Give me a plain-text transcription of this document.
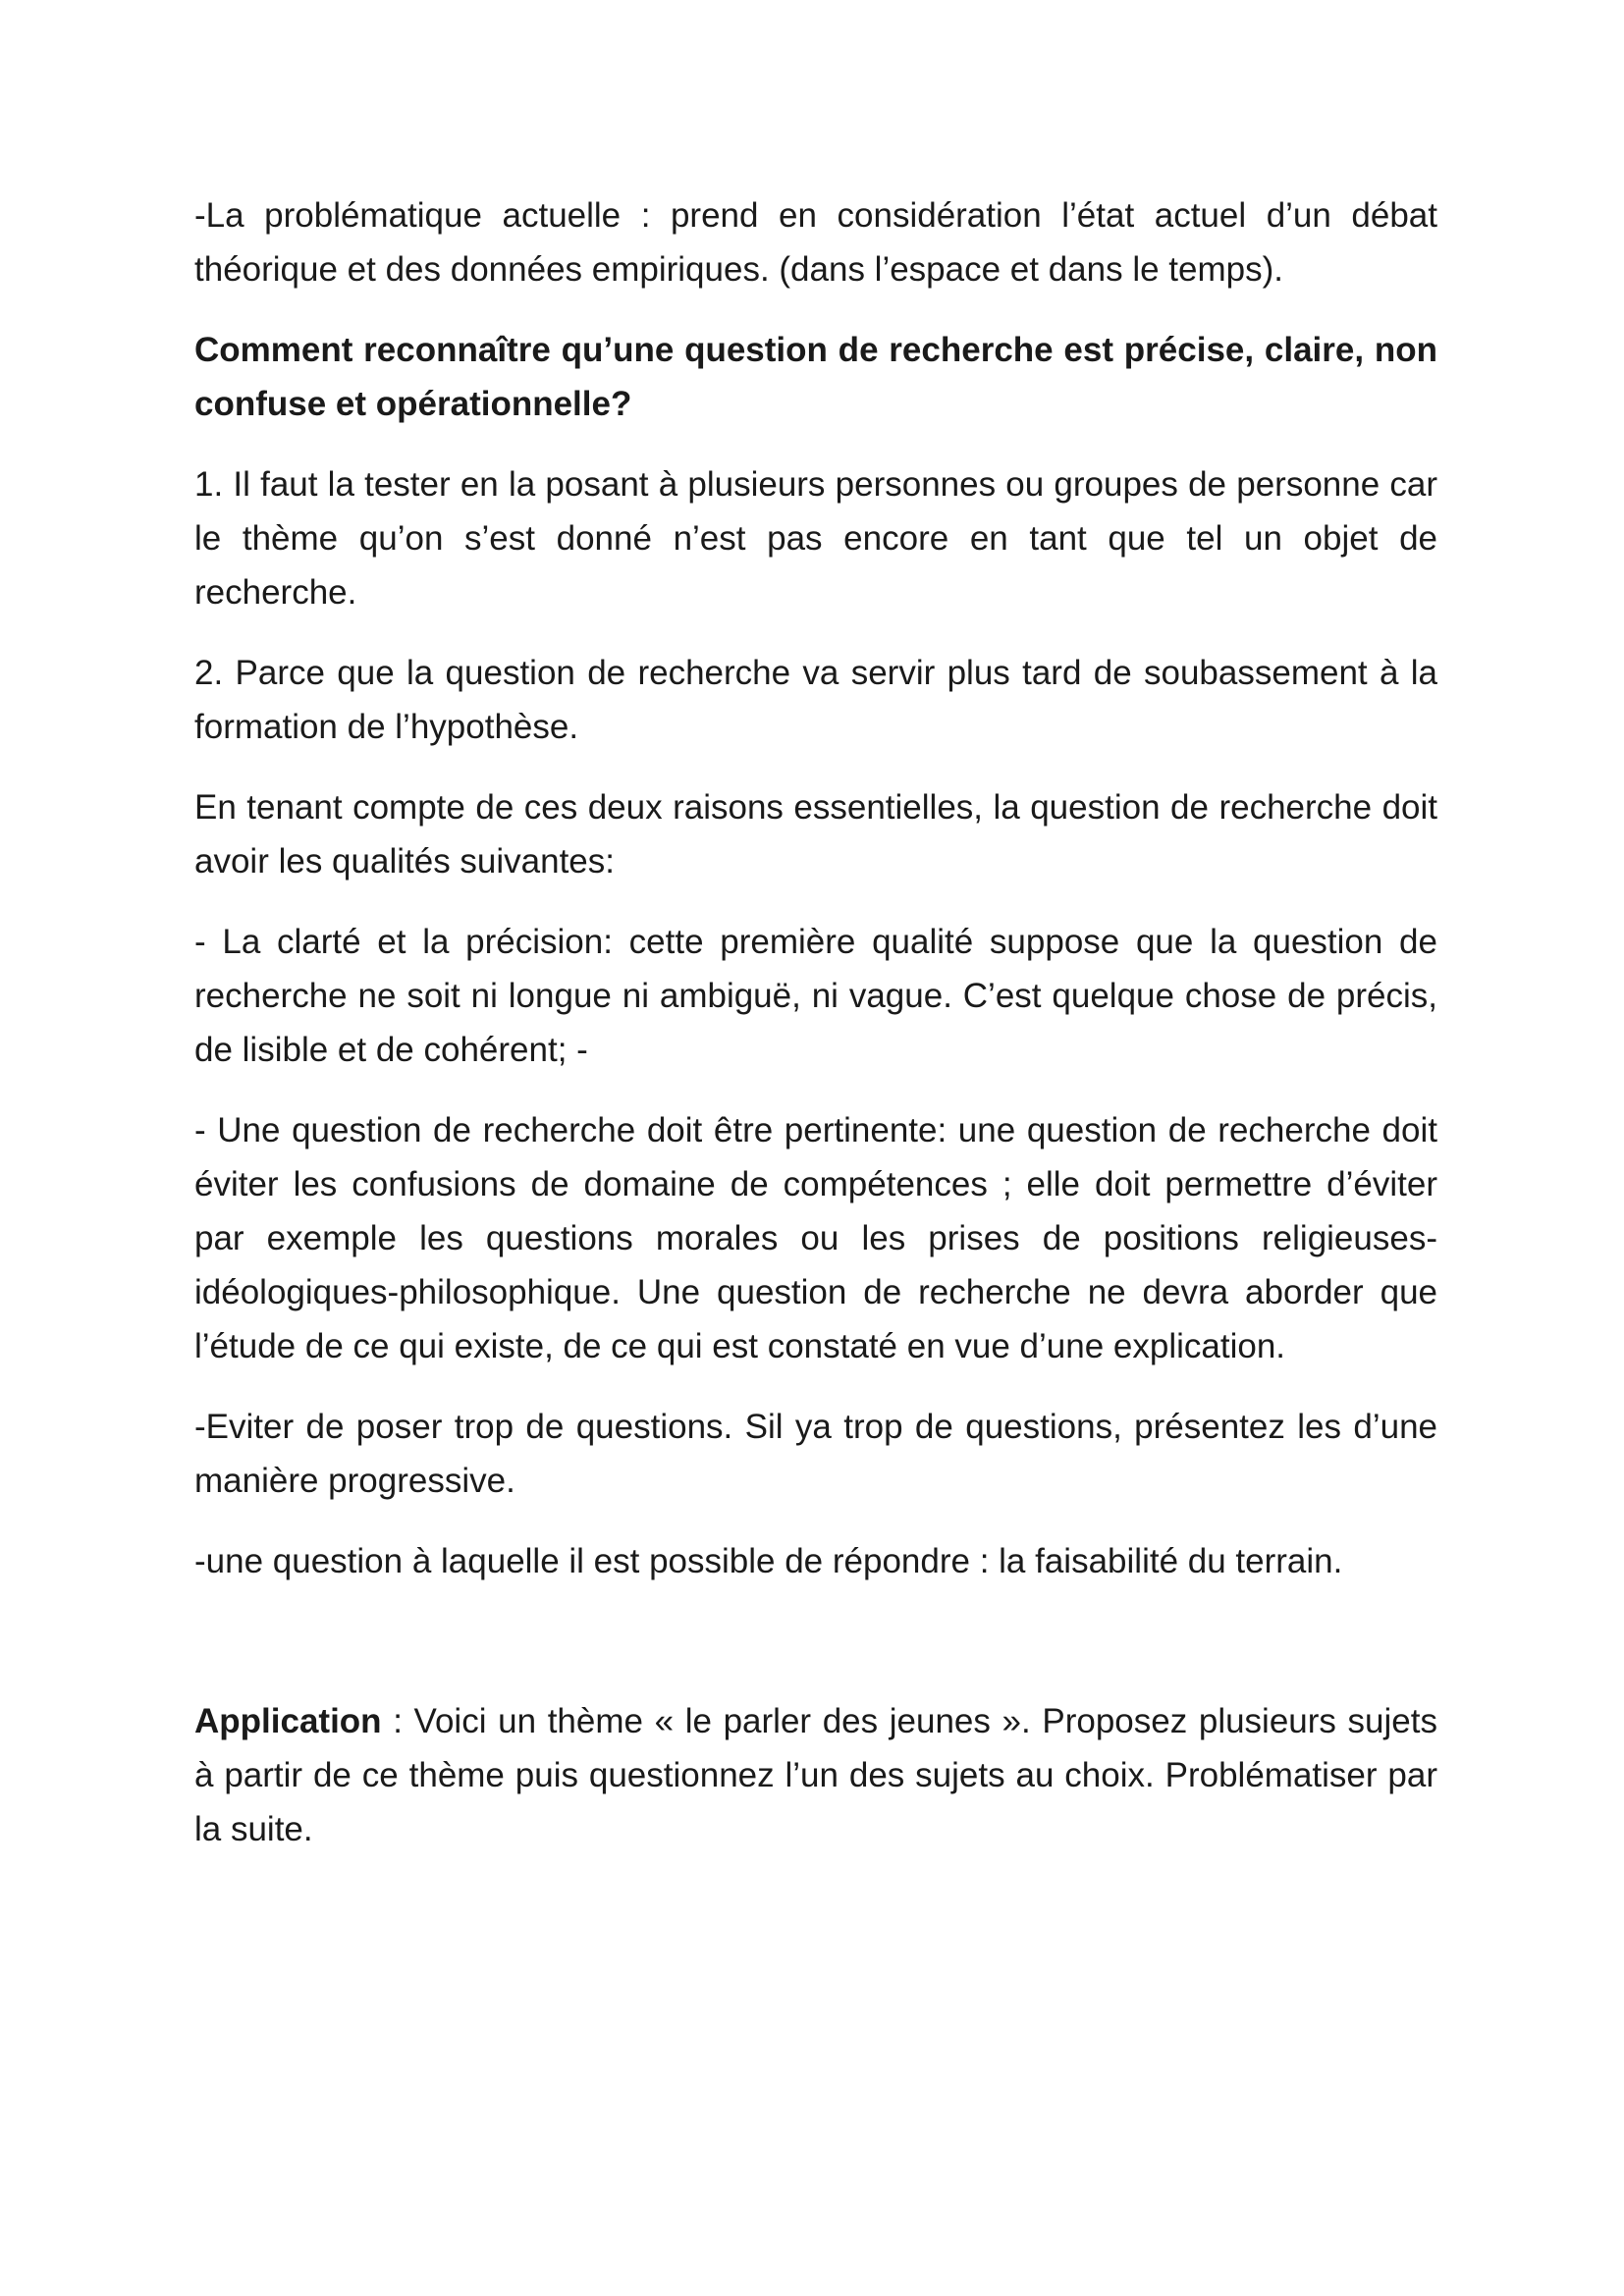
-La problématique actuelle : prend en considération l’état actuel d’un débat théorique et des données empiriques. (dans l’espace et dans le temps).

Comment reconnaître qu’une question de recherche est précise, claire, non confuse et opérationnelle?

1. Il faut la tester en la posant à plusieurs personnes ou groupes de personne car le thème qu’on s’est donné n’est pas encore en tant que tel un objet de recherche.

2. Parce que la question de recherche va servir plus tard de soubassement à la formation de l’hypothèse.

En tenant compte de ces deux raisons essentielles, la question de recherche doit avoir les qualités suivantes:

- La clarté et la précision: cette première qualité suppose que la question de recherche ne soit ni longue ni ambiguë, ni vague. C’est quelque chose de précis, de lisible et de cohérent; -

- Une question de recherche doit être pertinente: une question de recherche doit éviter les confusions de domaine de compétences ; elle doit permettre d’éviter par exemple les questions morales ou les prises de positions religieuses-idéologiques-philosophique. Une question de recherche ne devra aborder que l’étude de ce qui existe, de ce qui est constaté en vue d’une explication.

-Eviter de poser trop de questions. Sil ya trop de questions, présentez les d’une manière progressive.

-une question à laquelle il est possible de répondre : la faisabilité du terrain.

Application : Voici un thème « le parler des jeunes ». Proposez plusieurs sujets à partir de ce thème puis questionnez l’un des sujets au choix. Problématiser par la suite.
